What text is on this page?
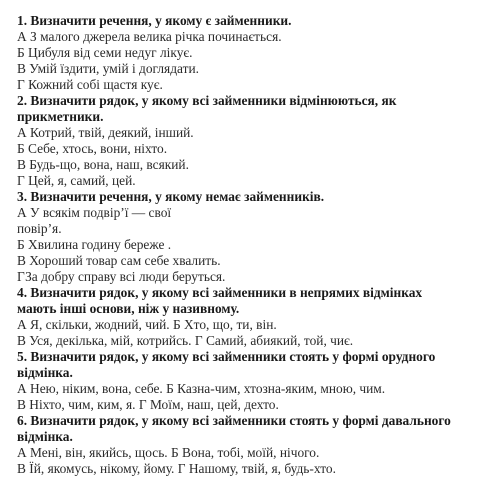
1. Визначити речення, у якому є займенники.
А З малого джерела велика річка починається.
Б Цибуля від семи недуг лікує.
В Умій їздити, умій і доглядати.
Г Кожний собі щастя кує.
2. Визначити рядок, у якому всі займенники відмінюються, як
прикметники.
А Котрий, твій, деякий, інший.
Б Себе, хтось, вони, ніхто.
В Будь-що, вона, наш, всякий.
Г Цей, я, самий, цей.
3. Визначити речення, у якому немає займенників.
А У всякім подвір’ї — свої
повір’я.
Б Хвилина годину береже .
В Хороший товар сам себе хвалить.
ГЗа добру справу всі люди беруться.
4. Визначити рядок, у якому всі займенники в непрямих відмінках
мають інші основи, ніж у називному.
А Я, скільки, жодний, чий. Б Хто, що, ти, він.
В Уся, декілька, мій, котрийсь. Г Самий, абиякий, той, чиє.
5. Визначити рядок, у якому всі займенники стоять у формі орудного
відмінка.
А Нею, ніким, вона, себе. Б Казна-чим, хтозна-яким, мною, чим.
В Ніхто, чим, ким, я. Г Моїм, наш, цей, дехто.
6. Визначити рядок, у якому всі займенники стоять у формі давального
відмінка.
А Мені, він, якийсь, щось. Б Вона, тобі, моїй, нічого.
В Їй, якомусь, нікому, йому. Г Нашому, твій, я, будь-хто.
